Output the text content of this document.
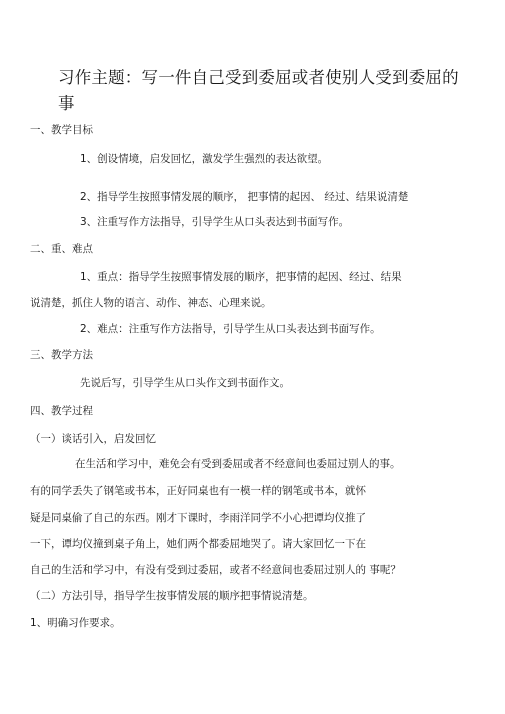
习作主题：写一件自己受到委屈或者使别人受到委屈的
事
一、教学目标
1、创设情境，启发回忆，激发学生强烈的表达欲望。
2、指导学生按照事情发展的顺序， 把事情的起因、 经过、结果说清楚
3、注重写作方法指导，引导学生从口头表达到书面写作。
二、重、难点
1、重点：指导学生按照事情发展的顺序，把事情的起因、经过、结果
说清楚，抓住人物的语言、动作、神态、心理来说。
2、难点：注重写作方法指导，引导学生从口头表达到书面写作。
三、教学方法
先说后写，引导学生从口头作文到书面作文。
四、教学过程
（一）谈话引入，启发回忆
在生活和学习中，难免会有受到委屈或者不经意间也委屈过别人的事。
有的同学丢失了钢笔或书本，正好同桌也有一模一样的钢笔或书本，就怀
疑是同桌偷了自己的东西。刚才下课时，李雨洋同学不小心把谭均仪推了
一下，谭均仪撞到桌子角上，她们两个都委屈地哭了。请大家回忆一下在
自己的生活和学习中，有没有受到过委屈，或者不经意间也委屈过别人的 事呢？
（二）方法引导，指导学生按事情发展的顺序把事情说清楚。
1、明确习作要求。
